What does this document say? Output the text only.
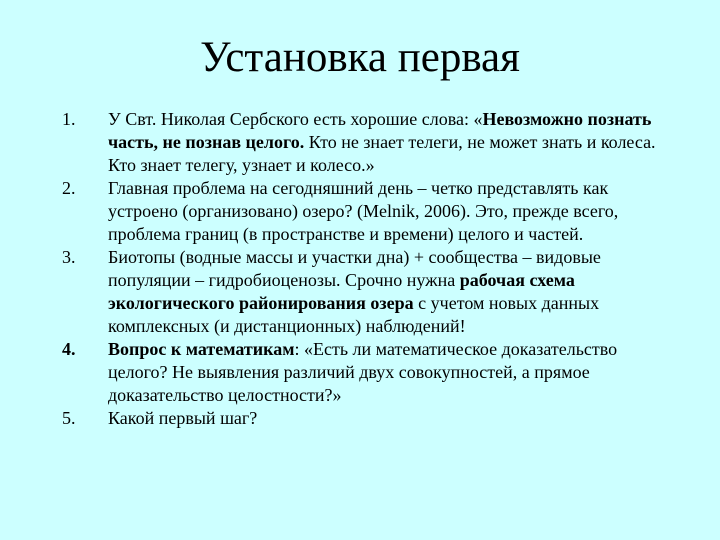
Установка первая
1. У Свт. Николая Сербского есть хорошие слова: «Невозможно познать часть, не познав целого. Кто не знает телеги, не может знать и колеса. Кто знает телегу, узнает и колесо.»
2. Главная проблема на сегодняшний день – четко представлять как устроено (организовано) озеро? (Melnik, 2006). Это, прежде всего, проблема границ (в пространстве и времени) целого и частей.
3. Биотопы (водные массы и участки дна) + сообщества – видовые популяции – гидробиоценозы. Срочно нужна рабочая схема экологического районирования озера с учетом новых данных комплексных (и дистанционных) наблюдений!
4. Вопрос к математикам: «Есть ли математическое доказательство целого? Не выявления различий двух совокупностей, а прямое доказательство целостности?»
5. Какой первый шаг?
